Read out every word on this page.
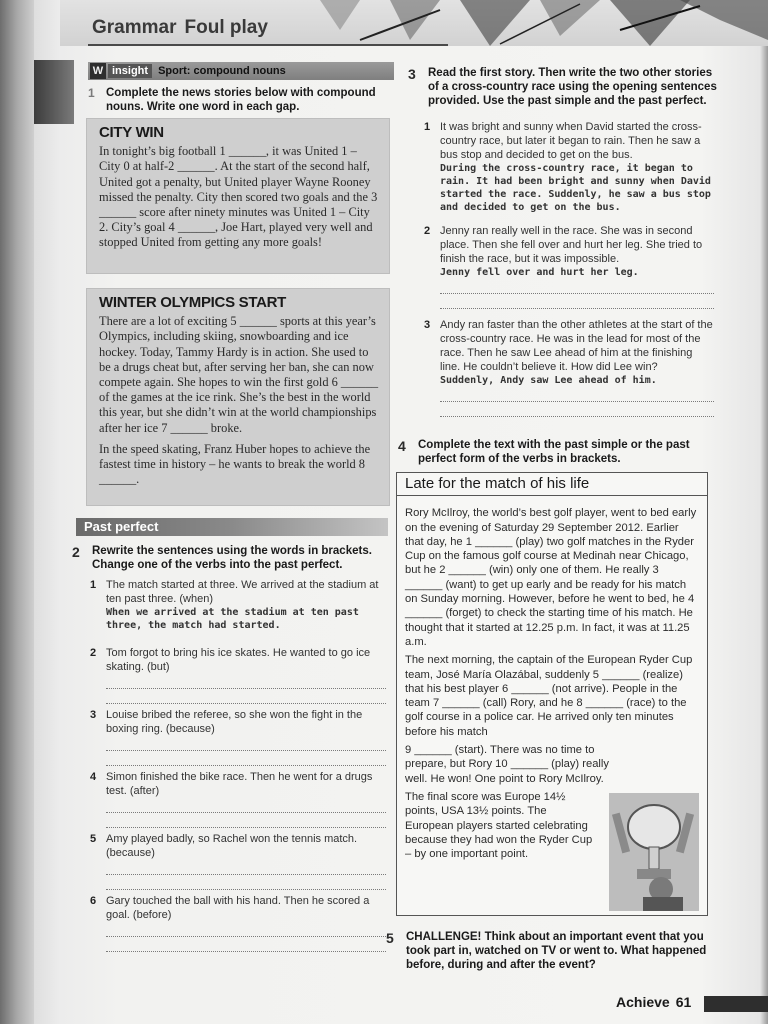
Grammar Foul play
W insight Sport: compound nouns
1 Complete the news stories below with compound nouns. Write one word in each gap.
CITY WIN
In tonight’s big football 1 ______, it was United 1 – City 0 at half-2 ______. At the start of the second half, United got a penalty, but United player Wayne Rooney missed the penalty. City then scored two goals and the 3 ______ score after ninety minutes was United 1 – City 2. City’s goal 4 ______, Joe Hart, played very well and stopped United from getting any more goals!
WINTER OLYMPICS START
There are a lot of exciting 5 ______ sports at this year’s Olympics, including skiing, snowboarding and ice hockey. Today, Tammy Hardy is in action. She used to be a drugs cheat but, after serving her ban, she can now compete again. She hopes to win the first gold 6 ______ of the games at the ice rink. She’s the best in the world this year, but she didn’t win at the world championships after her ice 7 ______ broke.
In the speed skating, Franz Huber hopes to achieve the fastest time in history – he wants to break the world 8 ______.
Past perfect
2 Rewrite the sentences using the words in brackets. Change one of the verbs into the past perfect.
1 The match started at three. We arrived at the stadium at ten past three. (when)
When we arrived at the stadium at ten past three, the match had started.
2 Tom forgot to bring his ice skates. He wanted to go ice skating. (but)
3 Louise bribed the referee, so she won the fight in the boxing ring. (because)
4 Simon finished the bike race. Then he went for a drugs test. (after)
5 Amy played badly, so Rachel won the tennis match. (because)
6 Gary touched the ball with his hand. Then he scored a goal. (before)
3 Read the first story. Then write the two other stories of a cross-country race using the opening sentences provided. Use the past simple and the past perfect.
1 It was bright and sunny when David started the cross-country race, but later it began to rain. Then he saw a bus stop and decided to get on the bus.
During the cross-country race, it began to rain. It had been bright and sunny when David started the race. Suddenly, he saw a bus stop and decided to get on the bus.
2 Jenny ran really well in the race. She was in second place. Then she fell over and hurt her leg. She tried to finish the race, but it was impossible.
Jenny fell over and hurt her leg.
3 Andy ran faster than the other athletes at the start of the cross-country race. He was in the lead for most of the race. Then he saw Lee ahead of him at the finishing line. He couldn’t believe it. How did Lee win?
Suddenly, Andy saw Lee ahead of him.
4 Complete the text with the past simple or the past perfect form of the verbs in brackets.
Late for the match of his life

Rory McIlroy, the world’s best golf player, went to bed early on the evening of Saturday 29 September 2012. Earlier that day, he 1 ______ (play) two golf matches in the Ryder Cup on the famous golf course at Medinah near Chicago, but he 2 ______ (win) only one of them. He really 3 ______ (want) to get up early and be ready for his match on Sunday morning. However, before he went to bed, he 4 ______ (forget) to check the starting time of his match. He thought that it started at 12.25 p.m. In fact, it was at 11.25 a.m.

The next morning, the captain of the European Ryder Cup team, José María Olazábal, suddenly 5 ______ (realize) that his best player 6 ______ (not arrive). People in the team 7 ______ (call) Rory, and he 8 ______ (race) to the golf course in a police car. He arrived only ten minutes before his match

9 ______ (start). There was no time to prepare, but Rory 10 ______ (play) really well. He won! One point to Rory McIlroy.

The final score was Europe 14½ points, USA 13½ points. The European players started celebrating because they had won the Ryder Cup – by one important point.

5 CHALLENGE! Think about an important event that you took part in, watched on TV or went to. What happened before, during and after the event?
Achieve 61
